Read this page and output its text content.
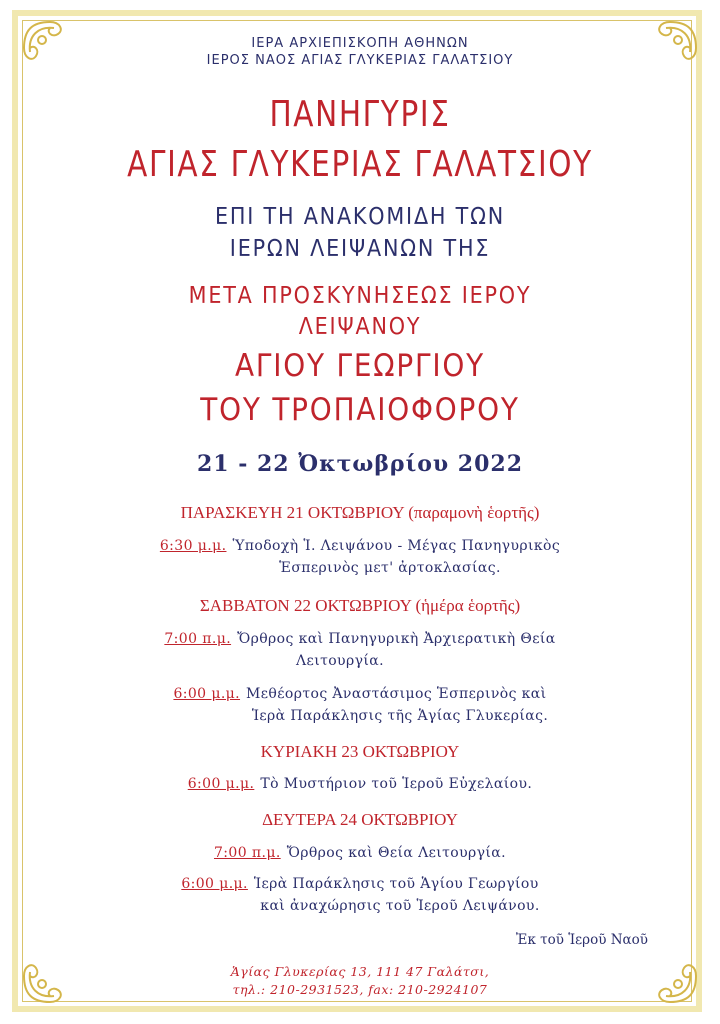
ΙΕΡΑ ΑΡΧΙΕΠΙΣΚΟΠΗ ΑΘΗΝΩΝ
ΙΕΡΟΣ ΝΑΟΣ ΑΓΙΑΣ ΓΛΥΚΕΡΙΑΣ ΓΑΛΑΤΣΙΟΥ
ΠΑΝΗΓΥΡΙΣ
ΑΓΙΑΣ ΓΛΥΚΕΡΙΑΣ ΓΑΛΑΤΣΙΟΥ
ΕΠΙ ΤΗ ΑΝΑΚΟΜΙΔΗ ΤΩΝ
ΙΕΡΩΝ ΛΕΙΨΑΝΩΝ ΤΗΣ
ΜΕΤΑ ΠΡΟΣΚΥΝΗΣΕΩΣ ΙΕΡΟΥ
ΛΕΙΨΑΝΟΥ
ΑΓΙΟΥ ΓΕΩΡΓΙΟΥ
ΤΟΥ ΤΡΟΠΑΙΟΦΟΡΟΥ
21 - 22 Ὀκτωβρίου 2022
ΠΑΡΑΣΚΕΥΗ 21 ΟΚΤΩΒΡΙΟΥ (παραμονὴ ἑορτῆς)
6:30 μ.μ. Ὑποδοχὴ Ἱ. Λειψάνου - Μέγας Πανηγυρικὸς
Ἑσπερινὸς μετ' ἀρτοκλασίας.
ΣΑΒΒΑΤΟΝ 22 ΟΚΤΩΒΡΙΟΥ (ἡμέρα ἑορτῆς)
7:00 π.μ. Ὄρθρος καὶ Πανηγυρικὴ Ἀρχιερατικὴ Θεία
Λειτουργία.
6:00 μ.μ. Μεθέορτος Ἀναστάσιμος Ἑσπερινὸς καὶ
Ἱερὰ Παράκλησις τῆς Ἁγίας Γλυκερίας.
ΚΥΡΙΑΚΗ 23 ΟΚΤΩΒΡΙΟΥ
6:00 μ.μ. Τὸ Μυστήριον τοῦ Ἱεροῦ Εὐχελαίου.
ΔΕΥΤΕΡΑ 24 ΟΚΤΩΒΡΙΟΥ
7:00 π.μ. Ὄρθρος καὶ Θεία Λειτουργία.
6:00 μ.μ. Ἱερὰ Παράκλησις τοῦ Ἁγίου Γεωργίου
καὶ ἀναχώρησις τοῦ Ἱεροῦ Λειψάνου.
Ἐκ τοῦ Ἱεροῦ Ναοῦ
Ἁγίας Γλυκερίας 13, 111 47 Γαλάτσι,
τηλ.: 210-2931523, fax: 210-2924107
